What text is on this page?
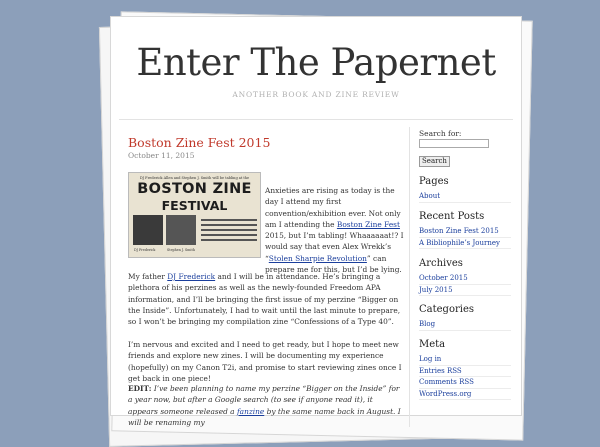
Enter The Papernet
ANOTHER BOOK AND ZINE REVIEW
Boston Zine Fest 2015
October 11, 2015
DJ Frederick Allen and Stephen J. Smith will be tabling at the
BOSTON ZINE
FESTIVAL
DJ Frederick	Stephen J. Smith

Anxieties are rising as today is the day I attend my first convention/exhibition ever. Not only am I attending the Boston Zine Fest 2015, but I’m tabling! Whaaaaaat!? I would say that even Alex Wrekk’s “Stolen Sharpie Revolution” can prepare me for this, but I’d be lying.

My father DJ Frederick and I will be in attendance. He’s bringing a plethora of his perzines as well as the newly-founded Freedom APA information, and I’ll be bringing the first issue of my perzine “Bigger on the Inside”. Unfortunately, I had to wait until the last minute to prepare, so I won’t be bringing my compilation zine “Confessions of a Type 40”.

I’m nervous and excited and I need to get ready, but I hope to meet new friends and explore new zines. I will be documenting my experience (hopefully) on my Canon T2i, and promise to start reviewing zines once I get back in one piece!

EDIT: I’ve been planning to name my perzine “Bigger on the Inside” for a year now, but after a Google search (to see if anyone read it), it appears someone released a fanzine by the same name back in August. I will be renaming my

Search for:
Search
Pages
About
Recent Posts
Boston Zine Fest 2015
A Bibliophile’s Journey
Archives
October 2015
July 2015
Categories
Blog
Meta
Log in
Entries RSS
Comments RSS
WordPress.org
